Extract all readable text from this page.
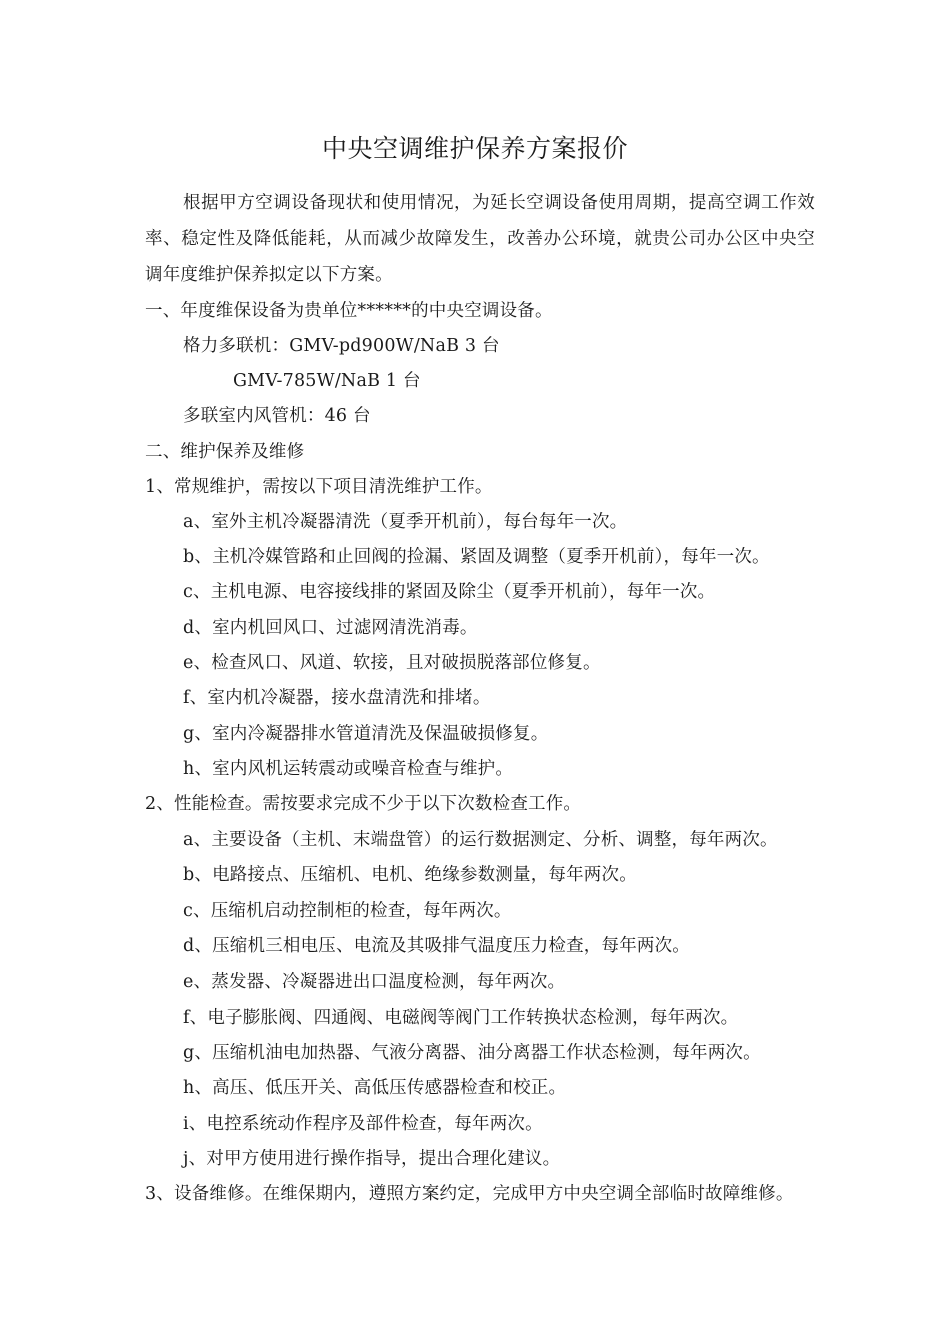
中央空调维护保养方案报价
根据甲方空调设备现状和使用情况，为延长空调设备使用周期，提高空调工作效率、稳定性及降低能耗，从而减少故障发生，改善办公环境，就贵公司办公区中央空调年度维护保养拟定以下方案。
一、年度维保设备为贵单位******的中央空调设备。
格力多联机：GMV-pd900W/NaB 3 台
GMV-785W/NaB 1 台
多联室内风管机：46 台
二、维护保养及维修
1、常规维护，需按以下项目清洗维护工作。
a、室外主机冷凝器清洗（夏季开机前），每台每年一次。
b、主机冷媒管路和止回阀的捡漏、紧固及调整（夏季开机前），每年一次。
c、主机电源、电容接线排的紧固及除尘（夏季开机前），每年一次。
d、室内机回风口、过滤网清洗消毒。
e、检查风口、风道、软接，且对破损脱落部位修复。
f、室内机冷凝器，接水盘清洗和排堵。
g、室内冷凝器排水管道清洗及保温破损修复。
h、室内风机运转震动或噪音检查与维护。
2、性能检查。需按要求完成不少于以下次数检查工作。
a、主要设备（主机、末端盘管）的运行数据测定、分析、调整，每年两次。
b、电路接点、压缩机、电机、绝缘参数测量，每年两次。
c、压缩机启动控制柜的检查，每年两次。
d、压缩机三相电压、电流及其吸排气温度压力检查，每年两次。
e、蒸发器、冷凝器进出口温度检测，每年两次。
f、电子膨胀阀、四通阀、电磁阀等阀门工作转换状态检测，每年两次。
g、压缩机油电加热器、气液分离器、油分离器工作状态检测，每年两次。
h、高压、低压开关、高低压传感器检查和校正。
i、电控系统动作程序及部件检查，每年两次。
j、对甲方使用进行操作指导，提出合理化建议。
3、设备维修。在维保期内，遵照方案约定，完成甲方中央空调全部临时故障维修。
